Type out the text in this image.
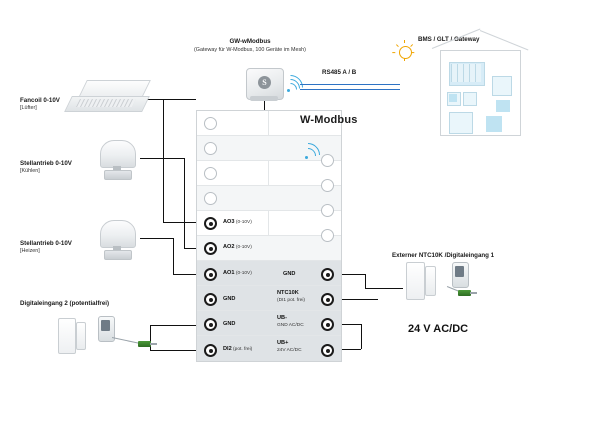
AO3 (0-10V)
AO2 (0-10V)
AO1 (0-10V)
GND
GND
DI2 (pot. frei)
GND
NTC10K
(DI1 pot. frei)
UB-
GND AC/DC
UB+
24V AC/DC
W-Modbus
S
GW-wModbus
(Gateway für W-Modbus, 100 Geräte im Mesh)
RS485 A / B
BMS / GLT / Gateway
Fancoil 0-10V
[Lüfter]
Stellantrieb 0-10V
[Kühlen]
Stellantrieb 0-10V
[Heizen]
Digitaleingang 2 (potentialfrei)
Externer NTC10K /Digitaleingang 1
24 V AC/DC
